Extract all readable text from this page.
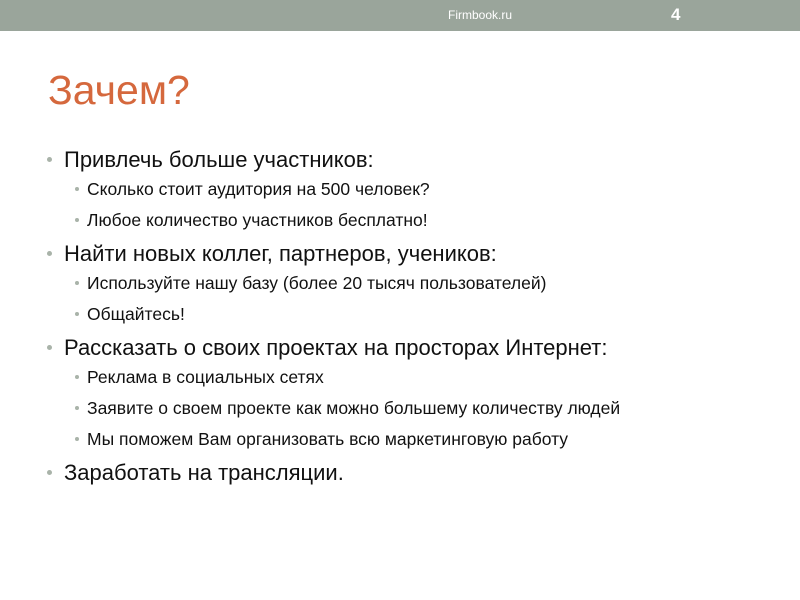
Firmbook.ru	4
Зачем?
Привлечь больше участников:
Сколько стоит аудитория на 500 человек?
Любое количество участников бесплатно!
Найти новых коллег, партнеров, учеников:
Используйте нашу базу (более 20 тысяч пользователей)
Общайтесь!
Рассказать о своих проектах на просторах Интернет:
Реклама в социальных сетях
Заявите о своем проекте как можно большему количеству людей
Мы поможем Вам организовать всю маркетинговую работу
Заработать на трансляции.
